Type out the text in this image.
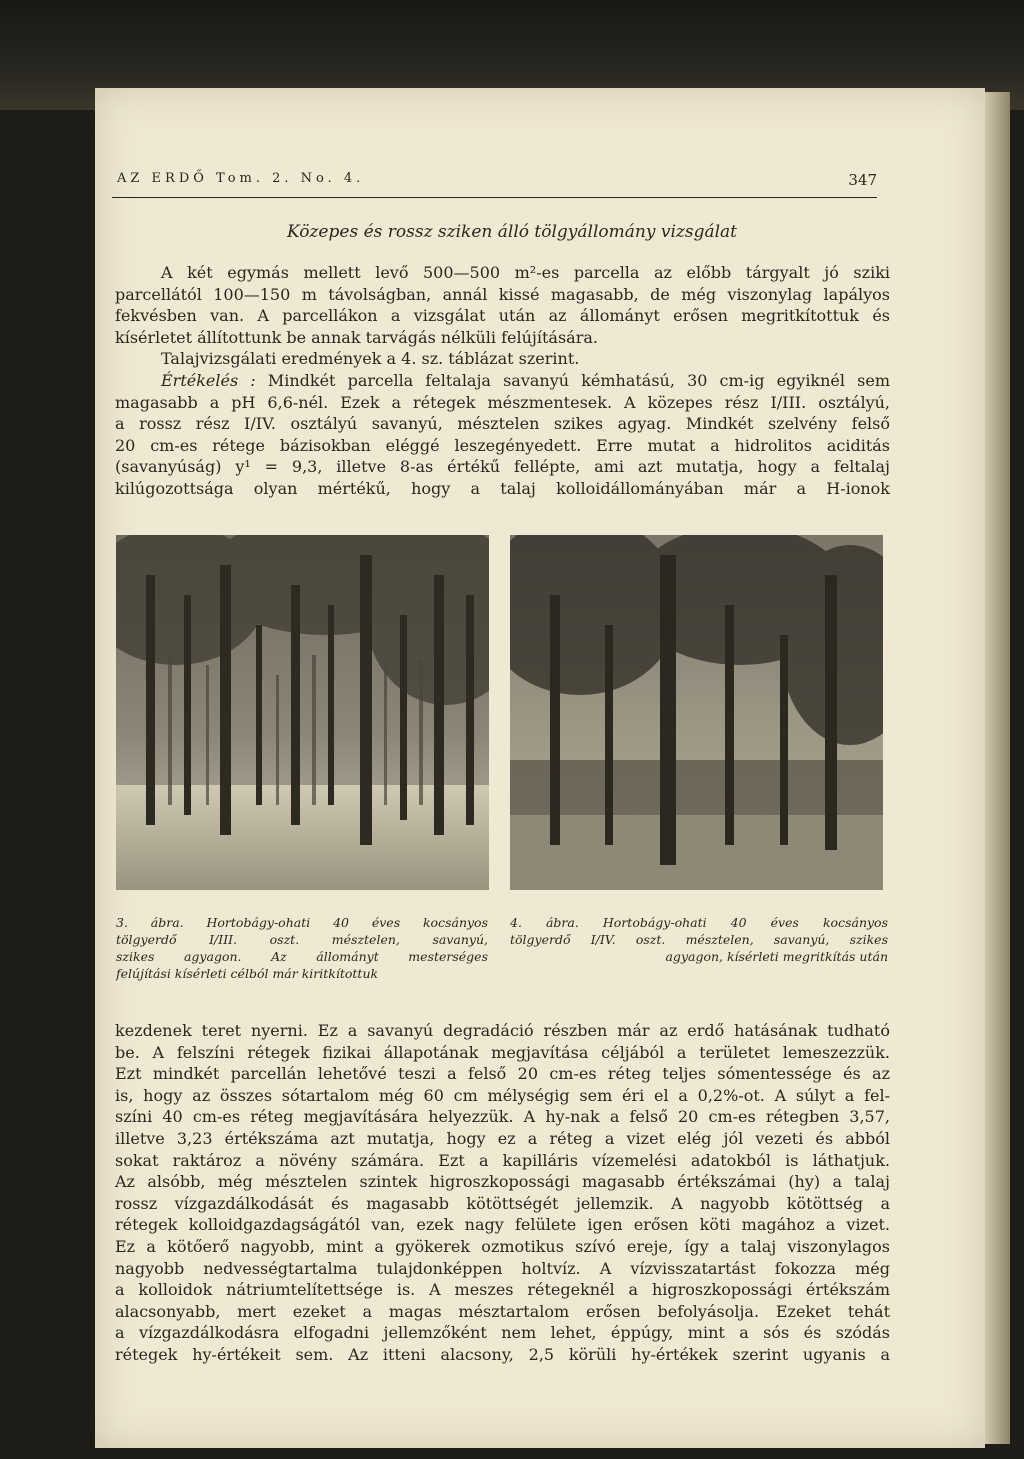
AZ ERDŐ Tom. 2. No. 4.	347
Közepes és rossz sziken álló tölgyállomány vizsgálat
A két egymás mellett levő 500—500 m²-es parcella az előbb tárgyalt jó sziki
parcellától 100—150 m távolságban, annál kissé magasabb, de még viszonylag lapályos
fekvésben van. A parcellákon a vizsgálat után az állományt erősen megritkítottuk és
kísérletet állítottunk be annak tarvágás nélküli felújítására.
Talajvizsgálati eredmények a 4. sz. táblázat szerint.
Értékelés : Mindkét parcella feltalaja savanyú kémhatású, 30 cm-ig egyiknél sem
magasabb a pH 6,6-nél. Ezek a rétegek mészmentesek. A közepes rész I/III. osztályú,
a rossz rész I/IV. osztályú savanyú, mésztelen szikes agyag. Mindkét szelvény felső
20 cm-es rétege bázisokban eléggé leszegényedett. Erre mutat a hidrolitos aciditás
(savanyúság) y¹ = 9,3, illetve 8-as értékű fellépte, ami azt mutatja, hogy a feltalaj
kilúgozottsága olyan mértékű, hogy a talaj kolloidállományában már a H-ionok
3. ábra. Hortobágy-ohati 40 éves kocsányos
tölgyerdő I/III. oszt. mésztelen, savanyú,
szikes agyagon. Az állományt mesterséges
felújítási kísérleti célból már kiritkítottuk
4. ábra. Hortobágy-ohati 40 éves kocsányos
tölgyerdő I/IV. oszt. mésztelen, savanyú, szikes
agyagon, kísérleti megritkítás után
kezdenek teret nyerni. Ez a savanyú degradáció részben már az erdő hatásának tudható
be. A felszíni rétegek fizikai állapotának megjavítása céljából a területet lemeszezzük.
Ezt mindkét parcellán lehetővé teszi a felső 20 cm-es réteg teljes sómentessége és az
is, hogy az összes sótartalom még 60 cm mélységig sem éri el a 0,2%-ot. A súlyt a fel-
színi 40 cm-es réteg megjavítására helyezzük. A hy-nak a felső 20 cm-es rétegben 3,57,
illetve 3,23 értékszáma azt mutatja, hogy ez a réteg a vizet elég jól vezeti és abból
sokat raktároz a növény számára. Ezt a kapilláris vízemelési adatokból is láthatjuk.
Az alsóbb, még mésztelen szintek higroszkopossági magasabb értékszámai (hy) a talaj
rossz vízgazdálkodását és magasabb kötöttségét jellemzik. A nagyobb kötöttség a
rétegek kolloidgazdagságától van, ezek nagy felülete igen erősen köti magához a vizet.
Ez a kötőerő nagyobb, mint a gyökerek ozmotikus szívó ereje, így a talaj viszonylagos
nagyobb nedvességtartalma tulajdonképpen holtvíz. A vízvisszatartást fokozza még
a kolloidok nátriumtelítettsége is. A meszes rétegeknél a higroszkopossági értékszám
alacsonyabb, mert ezeket a magas mésztartalom erősen befolyásolja. Ezeket tehát
a vízgazdálkodásra elfogadni jellemzőként nem lehet, éppúgy, mint a sós és szódás
rétegek hy-értékeit sem. Az itteni alacsony, 2,5 körüli hy-értékek szerint ugyanis a
